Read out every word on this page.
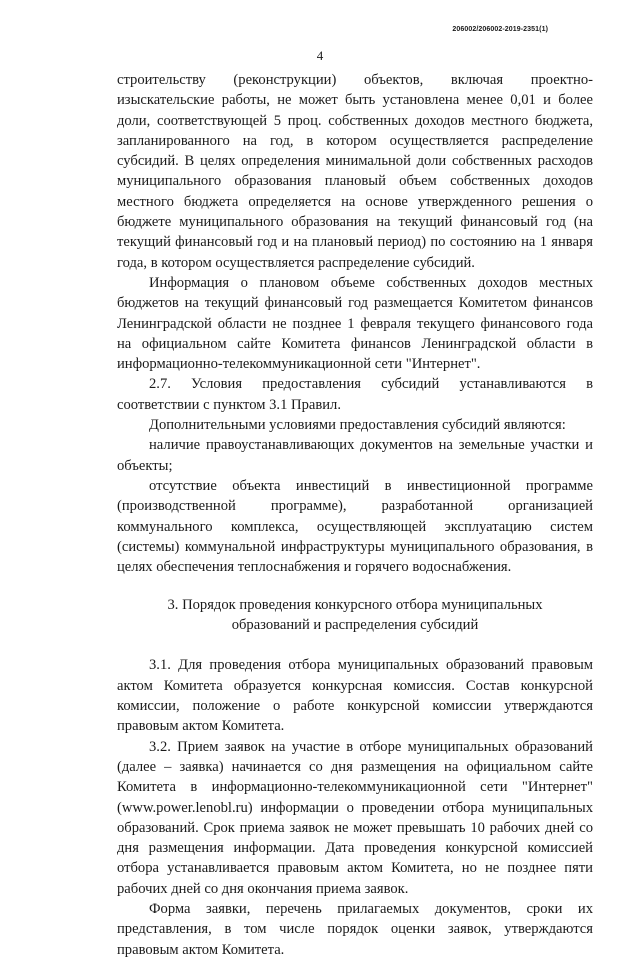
206002/206002-2019-2351(1)
4

строительству (реконструкции) объектов, включая проектно-изыскательские работы, не может быть установлена менее 0,01 и более доли, соответствующей 5 проц. собственных доходов местного бюджета, запланированного на год, в котором осуществляется распределение субсидий. В целях определения минимальной доли собственных расходов муниципального образования плановый объем собственных доходов местного бюджета определяется на основе утвержденного решения о бюджете муниципального образования на текущий финансовый год (на текущий финансовый год и на плановый период) по состоянию на 1 января года, в котором осуществляется распределение субсидий.

Информация о плановом объеме собственных доходов местных бюджетов на текущий финансовый год размещается Комитетом финансов Ленинградской области не позднее 1 февраля текущего финансового года на официальном сайте Комитета финансов Ленинградской области в информационно-телекоммуникационной сети "Интернет".

2.7. Условия предоставления субсидий устанавливаются в соответствии с пунктом 3.1 Правил.

Дополнительными условиями предоставления субсидий являются:

наличие правоустанавливающих документов на земельные участки и объекты;

отсутствие объекта инвестиций в инвестиционной программе (производственной программе), разработанной организацией коммунального комплекса, осуществляющей эксплуатацию систем (системы) коммунальной инфраструктуры муниципального образования, в целях обеспечения теплоснабжения и горячего водоснабжения.

3. Порядок проведения конкурсного отбора муниципальных
образований и распределения субсидий

3.1. Для проведения отбора муниципальных образований правовым актом Комитета образуется конкурсная комиссия. Состав конкурсной комиссии, положение о работе конкурсной комиссии утверждаются правовым актом Комитета.

3.2. Прием заявок на участие в отборе муниципальных образований (далее – заявка) начинается со дня размещения на официальном сайте Комитета в информационно-телекоммуникационной сети "Интернет" (www.power.lenobl.ru) информации о проведении отбора муниципальных образований. Срок приема заявок не может превышать 10 рабочих дней со дня размещения информации. Дата проведения конкурсной комиссией отбора устанавливается правовым актом Комитета, но не позднее пяти рабочих дней со дня окончания приема заявок.

Форма заявки, перечень прилагаемых документов, сроки их представления, в том числе порядок оценки заявок, утверждаются правовым актом Комитета.
